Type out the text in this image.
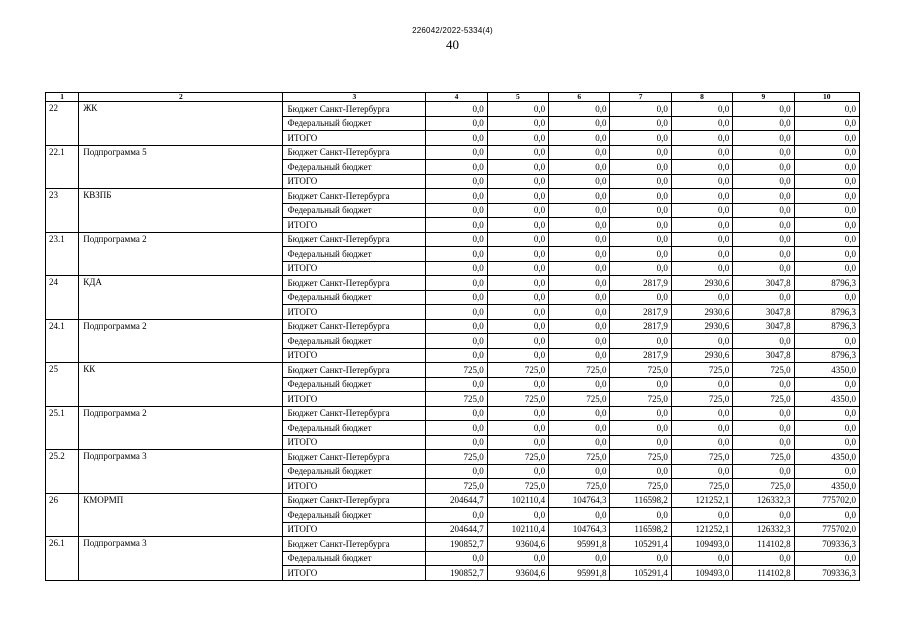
226042/2022-5334(4)
40
1	2	3	4	5	6	7	8	9	10
22	ЖК	Бюджет Санкт-Петербурга	0,0	0,0	0,0	0,0	0,0	0,0	0,0
		Федеральный бюджет	0,0	0,0	0,0	0,0	0,0	0,0	0,0
		ИТОГО	0,0	0,0	0,0	0,0	0,0	0,0	0,0
22.1	Подпрограмма 5	Бюджет Санкт-Петербурга	0,0	0,0	0,0	0,0	0,0	0,0	0,0
		Федеральный бюджет	0,0	0,0	0,0	0,0	0,0	0,0	0,0
		ИТОГО	0,0	0,0	0,0	0,0	0,0	0,0	0,0
23	КВЗПБ	Бюджет Санкт-Петербурга	0,0	0,0	0,0	0,0	0,0	0,0	0,0
		Федеральный бюджет	0,0	0,0	0,0	0,0	0,0	0,0	0,0
		ИТОГО	0,0	0,0	0,0	0,0	0,0	0,0	0,0
23.1	Подпрограмма 2	Бюджет Санкт-Петербурга	0,0	0,0	0,0	0,0	0,0	0,0	0,0
		Федеральный бюджет	0,0	0,0	0,0	0,0	0,0	0,0	0,0
		ИТОГО	0,0	0,0	0,0	0,0	0,0	0,0	0,0
24	КДА	Бюджет Санкт-Петербурга	0,0	0,0	0,0	2817,9	2930,6	3047,8	8796,3
		Федеральный бюджет	0,0	0,0	0,0	0,0	0,0	0,0	0,0
		ИТОГО	0,0	0,0	0,0	2817,9	2930,6	3047,8	8796,3
24.1	Подпрограмма 2	Бюджет Санкт-Петербурга	0,0	0,0	0,0	2817,9	2930,6	3047,8	8796,3
		Федеральный бюджет	0,0	0,0	0,0	0,0	0,0	0,0	0,0
		ИТОГО	0,0	0,0	0,0	2817,9	2930,6	3047,8	8796,3
25	КК	Бюджет Санкт-Петербурга	725,0	725,0	725,0	725,0	725,0	725,0	4350,0
		Федеральный бюджет	0,0	0,0	0,0	0,0	0,0	0,0	0,0
		ИТОГО	725,0	725,0	725,0	725,0	725,0	725,0	4350,0
25.1	Подпрограмма 2	Бюджет Санкт-Петербурга	0,0	0,0	0,0	0,0	0,0	0,0	0,0
		Федеральный бюджет	0,0	0,0	0,0	0,0	0,0	0,0	0,0
		ИТОГО	0,0	0,0	0,0	0,0	0,0	0,0	0,0
25.2	Подпрограмма 3	Бюджет Санкт-Петербурга	725,0	725,0	725,0	725,0	725,0	725,0	4350,0
		Федеральный бюджет	0,0	0,0	0,0	0,0	0,0	0,0	0,0
		ИТОГО	725,0	725,0	725,0	725,0	725,0	725,0	4350,0
26	КМОРМП	Бюджет Санкт-Петербурга	204644,7	102110,4	104764,3	116598,2	121252,1	126332,3	775702,0
		Федеральный бюджет	0,0	0,0	0,0	0,0	0,0	0,0	0,0
		ИТОГО	204644,7	102110,4	104764,3	116598,2	121252,1	126332,3	775702,0
26.1	Подпрограмма 3	Бюджет Санкт-Петербурга	190852,7	93604,6	95991,8	105291,4	109493,0	114102,8	709336,3
		Федеральный бюджет	0,0	0,0	0,0	0,0	0,0	0,0	0,0
		ИТОГО	190852,7	93604,6	95991,8	105291,4	109493,0	114102,8	709336,3
